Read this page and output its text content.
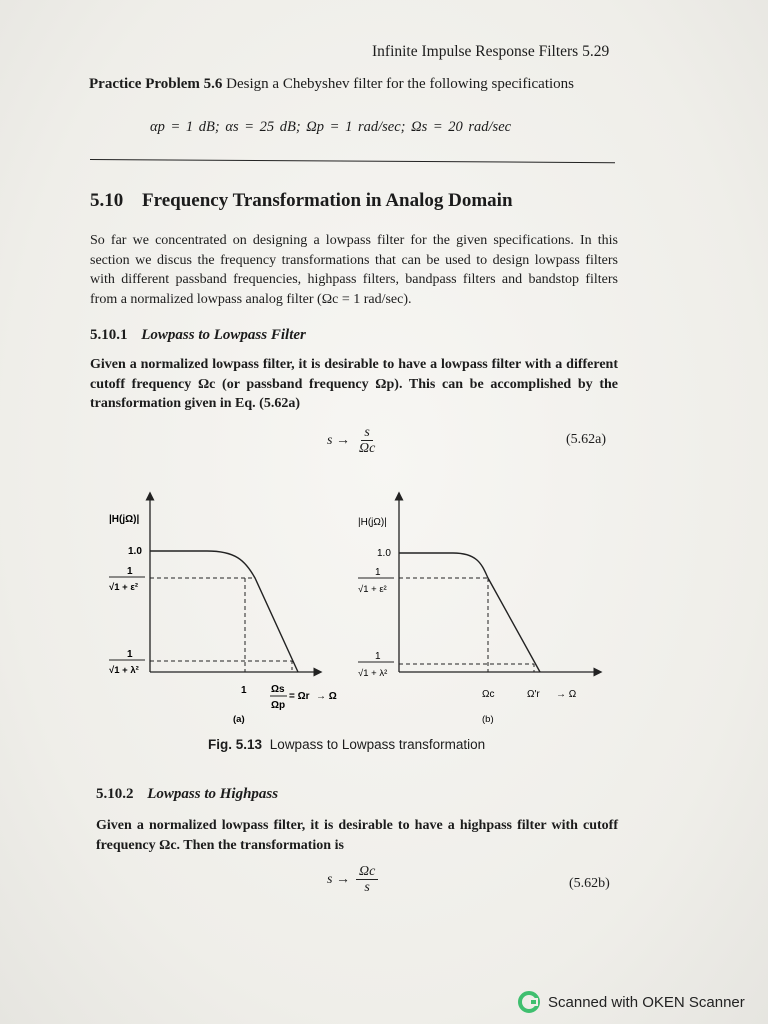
Infinite Impulse Response Filters 5.29
Practice Problem 5.6 Design a Chebyshev filter for the following specifications
αp = 1 dB; αs = 25 dB; Ωp = 1 rad/sec; Ωs = 20 rad/sec
5.10 Frequency Transformation in Analog Domain
So far we concentrated on designing a lowpass filter for the given specifications. In this section we discus the frequency transformations that can be used to design lowpass filters with different passband frequencies, highpass filters, bandpass filters and bandstop filters from a normalized lowpass analog filter (Ωc = 1 rad/sec).
5.10.1 Lowpass to Lowpass Filter
Given a normalized lowpass filter, it is desirable to have a lowpass filter with a different cutoff frequency Ωc (or passband frequency Ωp). This can be accomplished by the transformation given in Eq. (5.62a)
$s \to \frac{s}{\Omega c}$	(5.62a)
|H(jΩ)|
1.0
1
√1 + ε²
1
√1 + λ²
1 Ωs
Ωp
= Ωr → Ω
(a)
|H(jΩ)|
1.0
1
√1 + ε²
1
√1 + λ²
Ωc	Ω'r → Ω
(b)
Fig. 5.13 Lowpass to Lowpass transformation
5.10.2 Lowpass to Highpass
Given a normalized lowpass filter, it is desirable to have a highpass filter with cutoff frequency Ωc. Then the transformation is
$s \to \frac{\Omega c}{s}$	(5.62b)
Scanned with OKEN Scanner
